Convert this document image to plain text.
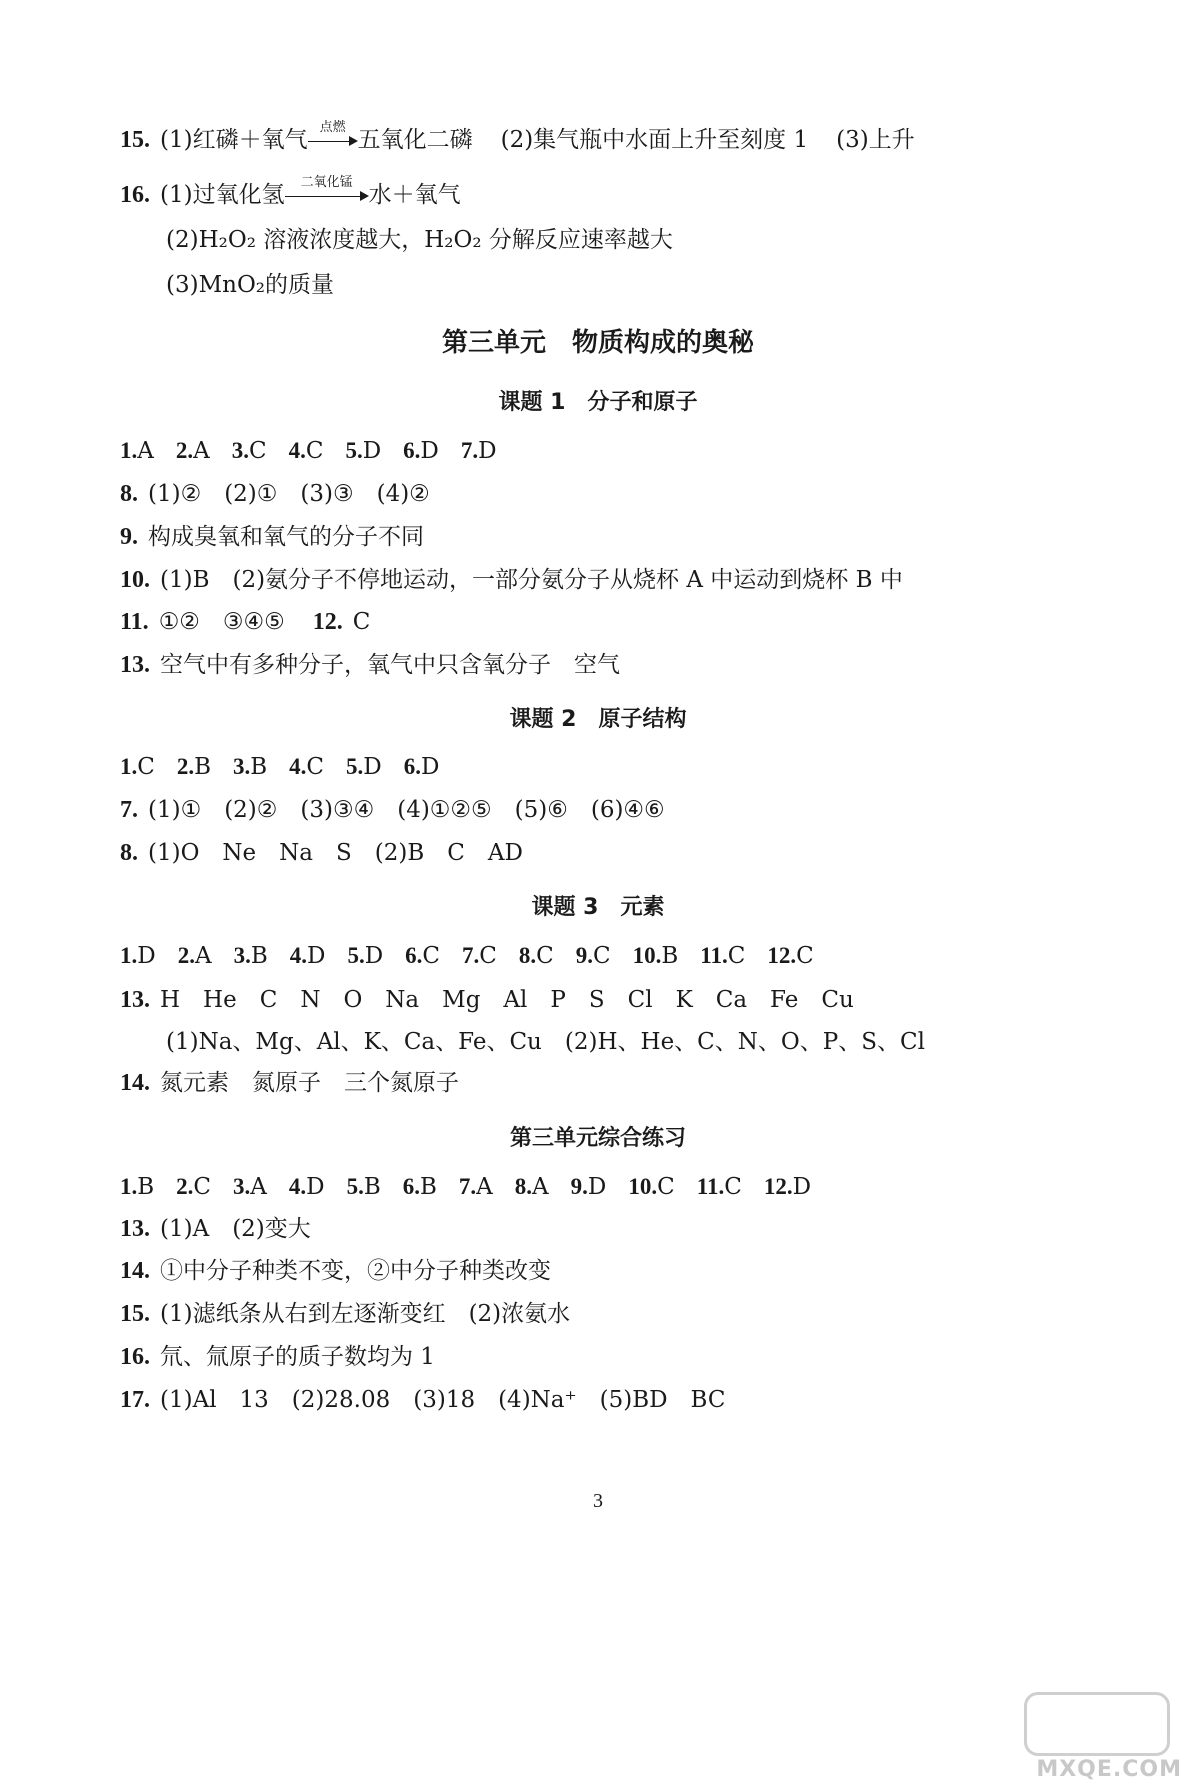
15. (1)红磷＋氧气 点燃 五氧化二磷 (2)集气瓶中水面上升至刻度 1 (3)上升
16. (1)过氧化氢	二氧化锰 水＋氧气
(2)H₂O₂ 溶液浓度越大，H₂O₂ 分解反应速率越大
(3)MnO₂的质量
第三单元　物质构成的奥秘
课题 1　分子和原子
1.A 2.A 3.C 4.C 5.D 6.D 7.D
8. (1)②　(2)①　(3)③　(4)②
9. 构成臭氧和氧气的分子不同
10. (1)B　(2)氨分子不停地运动，一部分氨分子从烧杯 A 中运动到烧杯 B 中
11. ①②　③④⑤ 12. C
13. 空气中有多种分子，氧气中只含氧分子　空气
课题 2　原子结构
1.C 2.B 3.B 4.C 5.D 6.D
7. (1)①　(2)②　(3)③④　(4)①②⑤　(5)⑥　(6)④⑥
8. (1)O　Ne　Na　S　(2)B　C　AD
课题 3　元素
1.D 2.A 3.B 4.D 5.D 6.C 7.C 8.C 9.C 10.B 11.C 12.C
13. H　He　C　N　O　Na　Mg　Al　P　S　Cl　K　Ca　Fe　Cu
(1)Na、Mg、Al、K、Ca、Fe、Cu　(2)H、He、C、N、O、P、S、Cl
14. 氮元素　氮原子　三个氮原子
第三单元综合练习
1.B 2.C 3.A 4.D 5.B 6.B 7.A 8.A 9.D 10.C 11.C 12.D
13. (1)A　(2)变大
14. ①中分子种类不变，②中分子种类改变
15. (1)滤纸条从右到左逐渐变红　(2)浓氨水
16. 氘、氚原子的质子数均为 1
17. (1)Al　13　(2)28.08　(3)18　(4)Na⁺　(5)BD　BC
3
MXQE.COM
